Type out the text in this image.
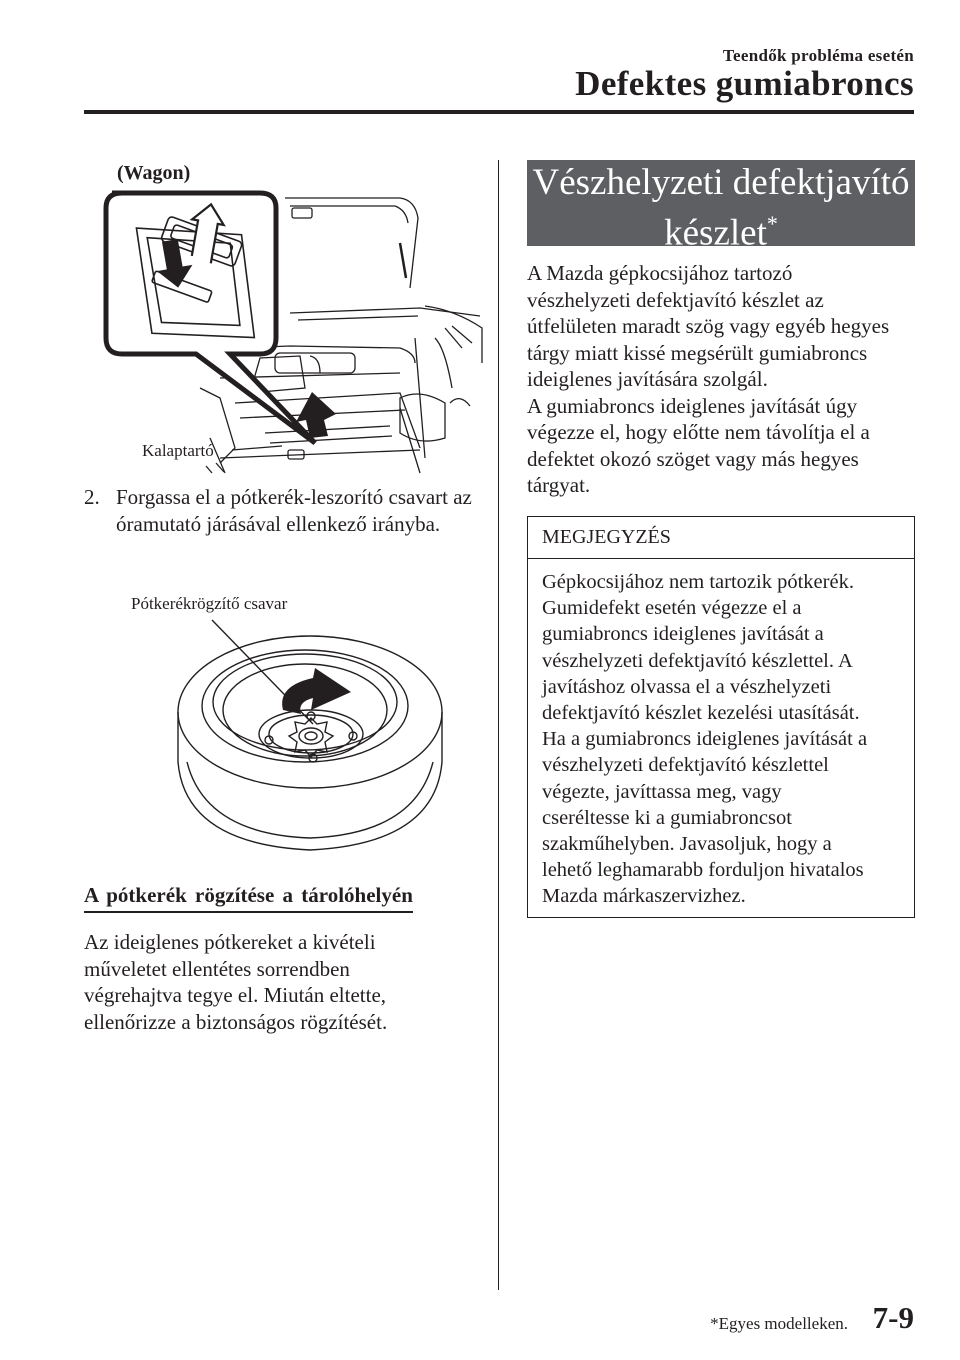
Teendők probléma esetén
Defektes gumiabroncs
(Wagon)
Kalaptartó
2. Forgassa el a pótkerék-leszorító csavart az óramutató járásával ellenkező irányba.
Pótkerékrögzítő csavar
A pótkerék rögzítése a tárolóhelyén
Az ideiglenes pótkereket a kivételi
műveletet ellentétes sorrendben
végrehajtva tegye el. Miután eltette,
ellenőrizze a biztonságos rögzítését.
Vészhelyzeti defektjavító
készlet*
A Mazda gépkocsijához tartozó
vészhelyzeti defektjavító készlet az
útfelületen maradt szög vagy egyéb hegyes
tárgy miatt kissé megsérült gumiabroncs
ideiglenes javítására szolgál.
A gumiabroncs ideiglenes javítását úgy
végezze el, hogy előtte nem távolítja el a
defektet okozó szöget vagy más hegyes
tárgyat.
MEGJEGYZÉS
Gépkocsijához nem tartozik pótkerék.
Gumidefekt esetén végezze el a
gumiabroncs ideiglenes javítását a
vészhelyzeti defektjavító készlettel. A
javításhoz olvassa el a vészhelyzeti
defektjavító készlet kezelési utasítását.
Ha a gumiabroncs ideiglenes javítását a
vészhelyzeti defektjavító készlettel
végezte, javíttassa meg, vagy
cseréltesse ki a gumiabroncsot
szakműhelyben. Javasoljuk, hogy a
lehető leghamarabb forduljon hivatalos
Mazda márkaszervizhez.
*Egyes modelleken. 7-9
